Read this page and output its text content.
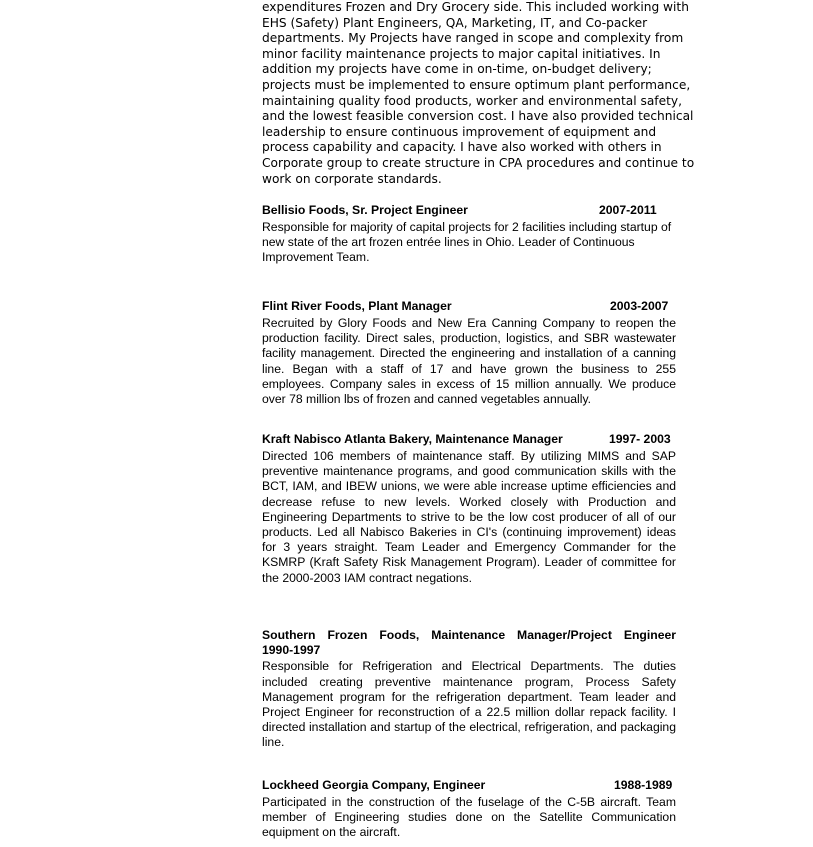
expenditures Frozen and Dry Grocery side. This included working with
EHS (Safety) Plant Engineers, QA, Marketing, IT, and Co-packer
departments. My Projects have ranged in scope and complexity from
minor facility maintenance projects to major capital initiatives. In
addition my projects have come in on-time, on-budget delivery;
projects must be implemented to ensure optimum plant performance,
maintaining quality food products, worker and environmental safety,
and the lowest feasible conversion cost. I have also provided technical
leadership to ensure continuous improvement of equipment and
process capability and capacity. I have also worked with others in
Corporate group to create structure in CPA procedures and continue to
work on corporate standards.
Bellisio Foods, Sr. Project Engineer	2007-2011
Responsible for majority of capital projects for 2 facilities including startup of new state of the art frozen entrée lines in Ohio. Leader of Continuous Improvement Team.
Flint River Foods, Plant Manager	2003-2007
Recruited by Glory Foods and New Era Canning Company to reopen the production facility. Direct sales, production, logistics, and SBR wastewater facility management. Directed the engineering and installation of a canning line. Began with a staff of 17 and have grown the business to 255 employees. Company sales in excess of 15 million annually. We produce over 78 million lbs of frozen and canned vegetables annually.
Kraft Nabisco Atlanta Bakery, Maintenance Manager	1997- 2003
Directed 106 members of maintenance staff. By utilizing MIMS and SAP preventive maintenance programs, and good communication skills with the BCT, IAM, and IBEW unions, we were able increase uptime efficiencies and decrease refuse to new levels. Worked closely with Production and Engineering Departments to strive to be the low cost producer of all of our products. Led all Nabisco Bakeries in CI's (continuing improvement) ideas for 3 years straight. Team Leader and Emergency Commander for the KSMRP (Kraft Safety Risk Management Program). Leader of committee for the 2000-2003 IAM contract negations.
Southern Frozen Foods, Maintenance Manager/Project Engineer
1990-1997
Responsible for Refrigeration and Electrical Departments. The duties included creating preventive maintenance program, Process Safety Management program for the refrigeration department. Team leader and Project Engineer for reconstruction of a 22.5 million dollar repack facility. I directed installation and startup of the electrical, refrigeration, and packaging line.
Lockheed Georgia Company, Engineer	1988-1989
Participated in the construction of the fuselage of the C-5B aircraft. Team member of Engineering studies done on the Satellite Communication equipment on the aircraft.
